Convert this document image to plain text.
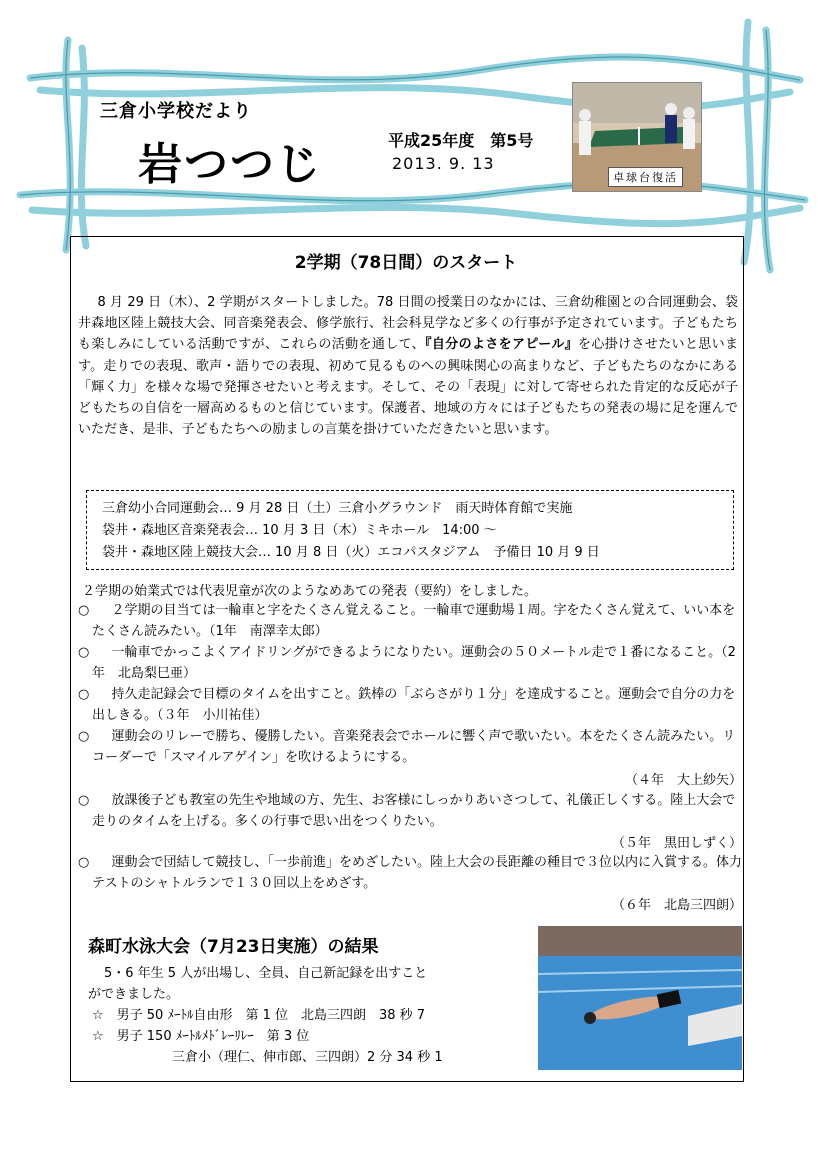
三倉小学校だより
岩つつじ	平成25年度　第5号
2013. 9. 13
卓球台復活
2学期（78日間）のスタート

8 月 29 日（木）、2 学期がスタートしました。78 日間の授業日のなかには、三倉幼稚園との合同運動会、袋井森地区陸上競技大会、同音楽発表会、修学旅行、社会科見学など多くの行事が予定されています。子どもたちも楽しみにしている活動ですが、これらの活動を通して、『自分のよさをアピール』を心掛けさせたいと思います。走りでの表現、歌声・語りでの表現、初めて見るものへの興味関心の高まりなど、子どもたちのなかにある「輝く力」を様々な場で発揮させたいと考えます。そして、その「表現」に対して寄せられた肯定的な反応が子どもたちの自信を一層高めるものと信じています。保護者、地域の方々には子どもたちの発表の場に足を運んでいただき、是非、子どもたちへの励ましの言葉を掛けていただきたいと思います。

三倉幼小合同運動会… 9 月 28 日（土）三倉小グラウンド　雨天時体育館で実施
袋井・森地区音楽発表会… 10 月 3 日（木）ミキホール　14:00 ～
袋井・森地区陸上競技大会… 10 月 8 日（火）エコパスタジアム　予備日 10 月 9 日
２学期の始業式では代表児童が次のようなめあての発表（要約）をしました。
○	２学期の目当ては一輪車と字をたくさん覚えること。一輪車で運動場１周。字をたくさん覚えて、いい本をたくさん読みたい。（1年　南澤幸太郎）
○	一輪車でかっこよくアイドリングができるようになりたい。運動会の５０メートル走で１番になること。（2年　北島梨巳亜）
○	持久走記録会で目標のタイムを出すこと。鉄棒の「ぶらさがり１分」を達成すること。運動会で自分の力を出しきる。（３年　小川祐佳）
○	運動会のリレーで勝ち、優勝したい。音楽発表会でホールに響く声で歌いたい。本をたくさん読みたい。リコーダーで「スマイルアゲイン」を吹けるようにする。
（４年　大上紗矢）
○	放課後子ども教室の先生や地域の方、先生、お客様にしっかりあいさつして、礼儀正しくする。陸上大会で走りのタイムを上げる。多くの行事で思い出をつくりたい。
（５年　黒田しずく）
○	運動会で団結して競技し、「一歩前進」をめざしたい。陸上大会の長距離の種目で３位以内に入賞する。体力テストのシャトルランで１３０回以上をめざす。
（６年　北島三四朗）
森町水泳大会（7月23日実施）の結果
5・6 年生 5 人が出場し、全員、自己新記録を出すこと
ができました。
☆　男子 50 ﾒｰﾄﾙ自由形　第 1 位　北島三四朗　38 秒 7
☆　男子 150 ﾒｰﾄﾙﾒﾄﾞﾚｰﾘﾚｰ　第 3 位
三倉小（理仁、伸市郎、三四朗）2 分 34 秒 1
